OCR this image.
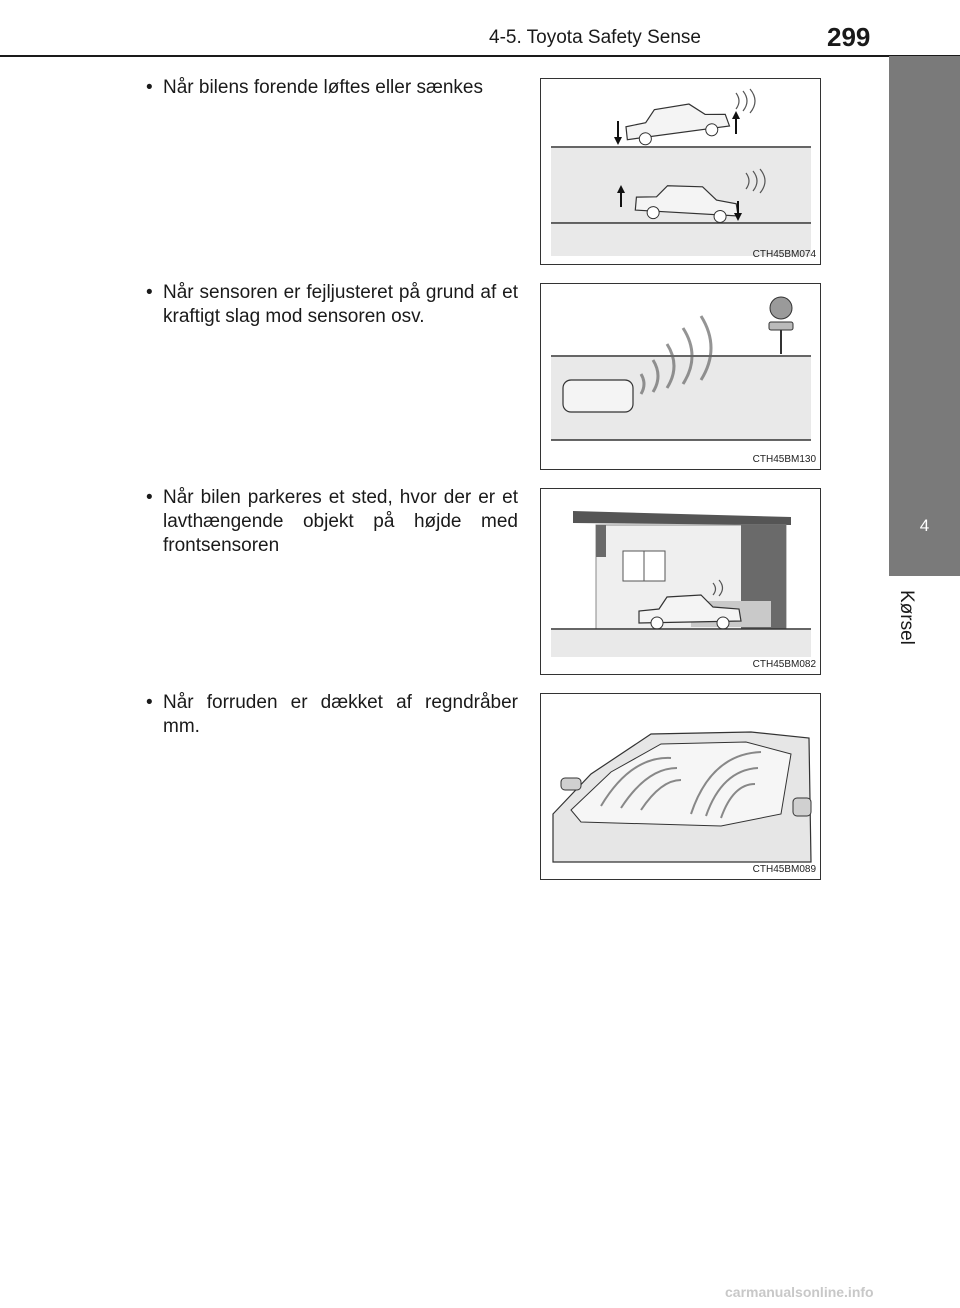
4-5. Toyota Safety Sense	299
4
Kørsel
• Når bilens forende løftes eller sænkes
CTH45BM074
• Når sensoren er fejljusteret på grund af et kraftigt slag mod sensoren osv.
CTH45BM130
• Når bilen parkeres et sted, hvor der er et lavthængende objekt på højde med frontsensoren
CTH45BM082
• Når forruden er dækket af regndråber mm.
CTH45BM089
carmanualsonline.info
